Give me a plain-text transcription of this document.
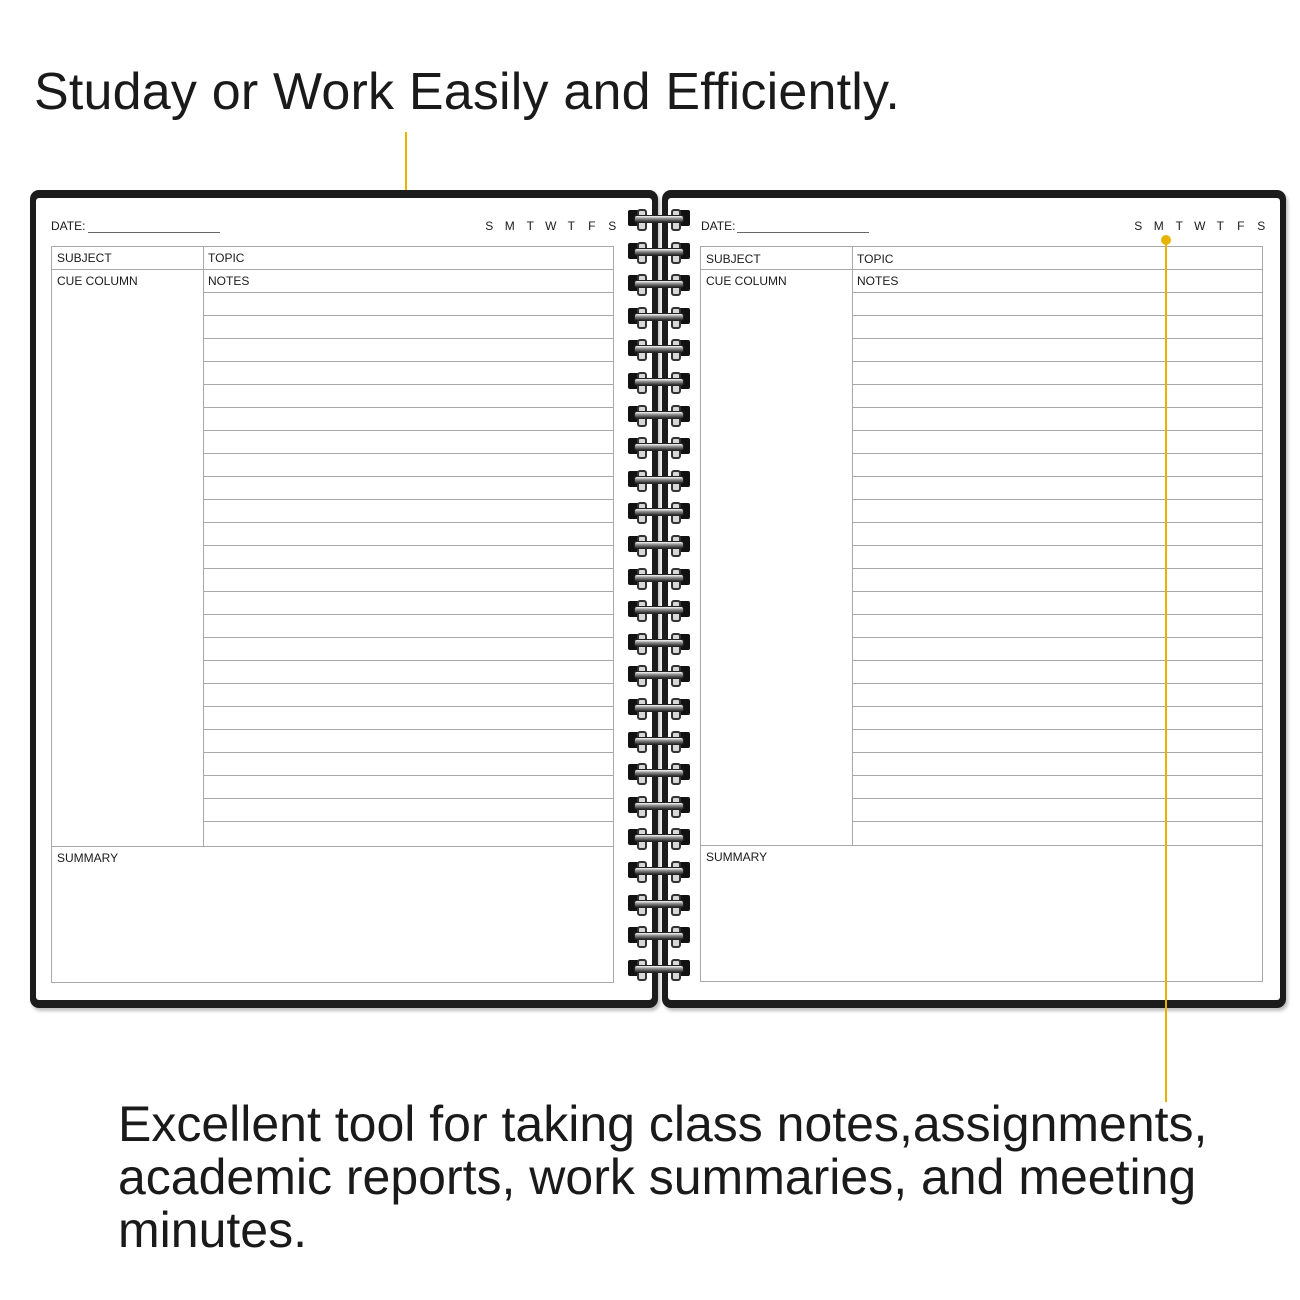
Studay or Work Easily and Efficiently.
DATE:	S M T W T F S
SUBJECT	TOPIC
CUE COLUMN	NOTES
SUMMARY
DATE:	S M T W T F S
SUBJECT	TOPIC
CUE COLUMN	NOTES
SUMMARY

Excellent tool for taking class notes,assignments, academic reports, work summaries, and meeting minutes.
